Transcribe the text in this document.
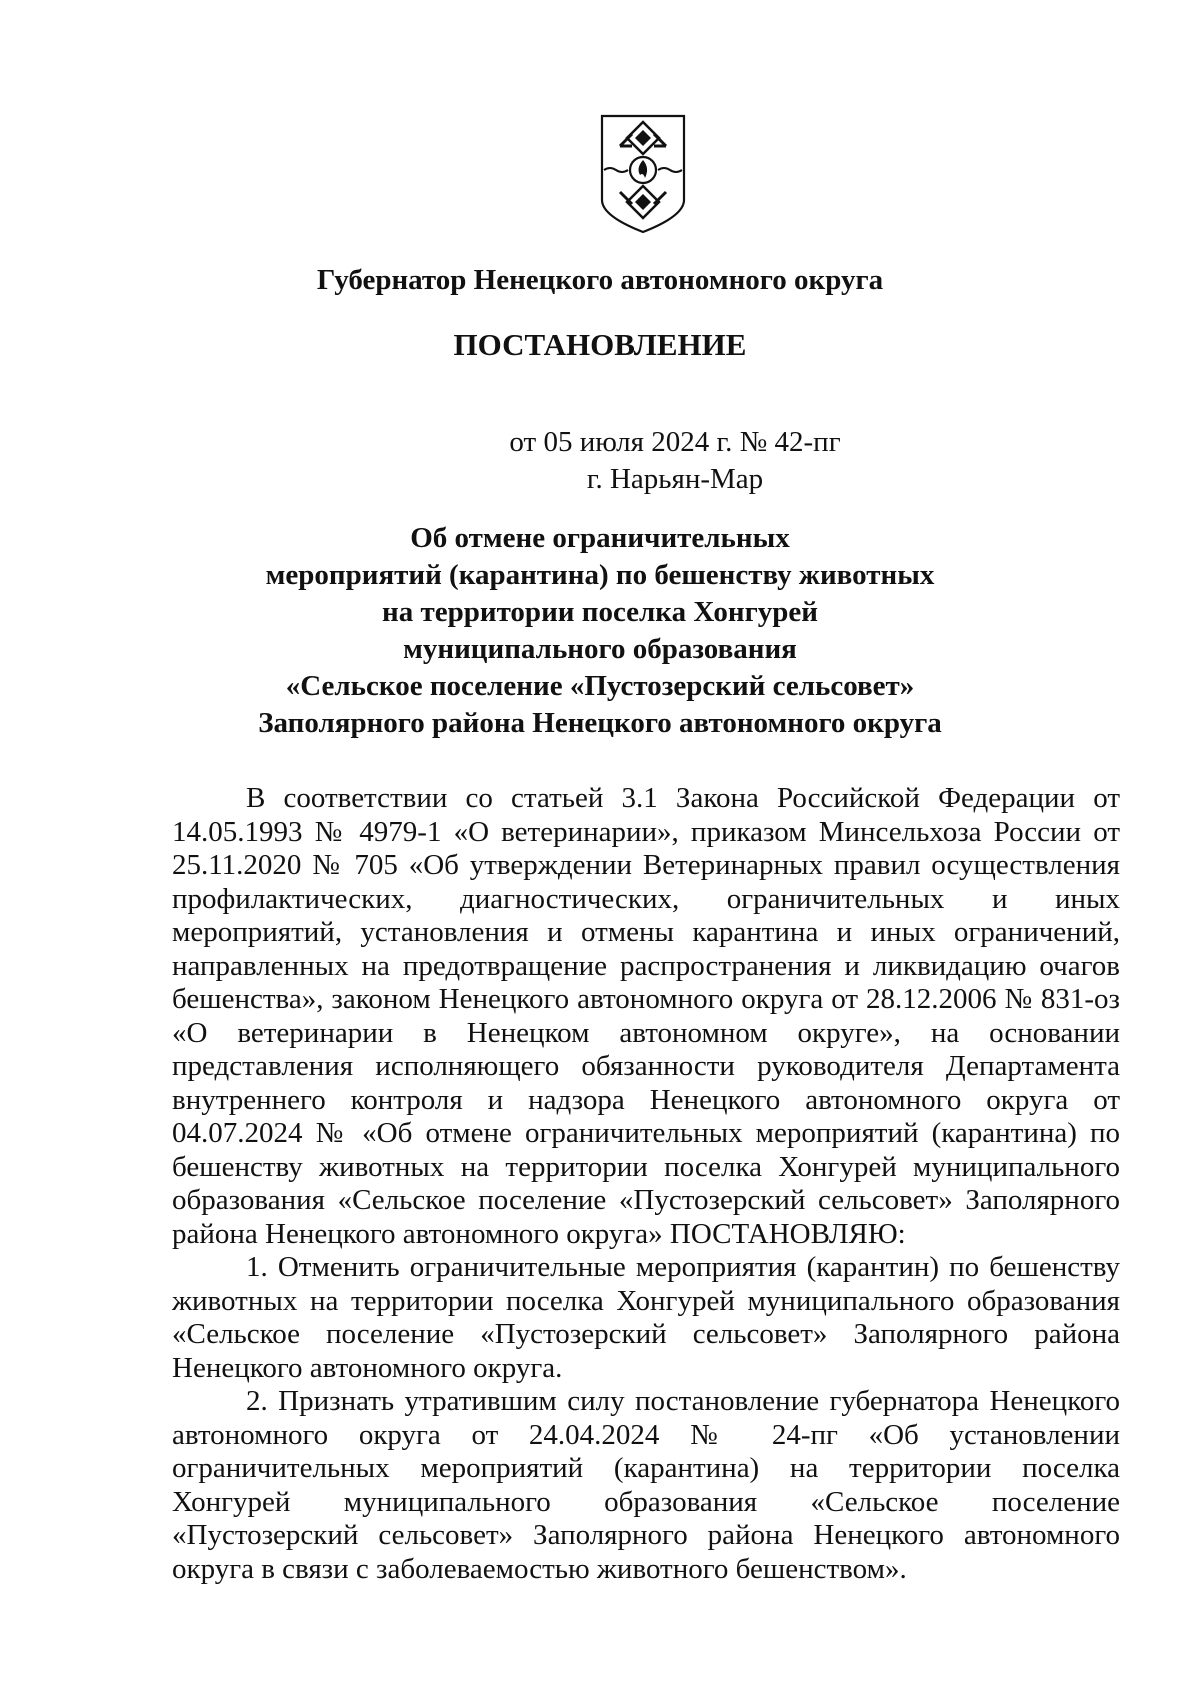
Губернатор Ненецкого автономного округа
ПОСТАНОВЛЕНИЕ
от 05 июля 2024 г. № 42-пг
г. Нарьян-Мар
Об отмене ограничительных
мероприятий (карантина) по бешенству животных
на территории поселка Хонгурей
муниципального образования
«Сельское поселение «Пустозерский сельсовет»
Заполярного района Ненецкого автономного округа

В соответствии со статьей 3.1 Закона Российской Федерации от 14.05.1993 № 4979-1 «О ветеринарии», приказом Минсельхоза России от 25.11.2020 № 705 «Об утверждении Ветеринарных правил осуществления профилактических, диагностических, ограничительных и иных мероприятий, установления и отмены карантина и иных ограничений, направленных на предотвращение распространения и ликвидацию очагов бешенства», законом Ненецкого автономного округа от 28.12.2006 № 831-оз «О ветеринарии в Ненецком автономном округе», на основании представления исполняющего обязанности руководителя Департамента внутреннего контроля и надзора Ненецкого автономного округа от 04.07.2024 № «Об отмене ограничительных мероприятий (карантина) по бешенству животных на территории поселка Хонгурей муниципального образования «Сельское поселение «Пустозерский сельсовет» Заполярного района Ненецкого автономного округа» ПОСТАНОВЛЯЮ:

1. Отменить ограничительные мероприятия (карантин) по бешенству животных на территории поселка Хонгурей муниципального образования «Сельское поселение «Пустозерский сельсовет» Заполярного района Ненецкого автономного округа.

2. Признать утратившим силу постановление губернатора Ненецкого автономного округа от 24.04.2024 № 24-пг «Об установлении ограничительных мероприятий (карантина) на территории поселка Хонгурей муниципального образования «Сельское поселение «Пустозерский сельсовет» Заполярного района Ненецкого автономного округа в связи с заболеваемостью животного бешенством».
